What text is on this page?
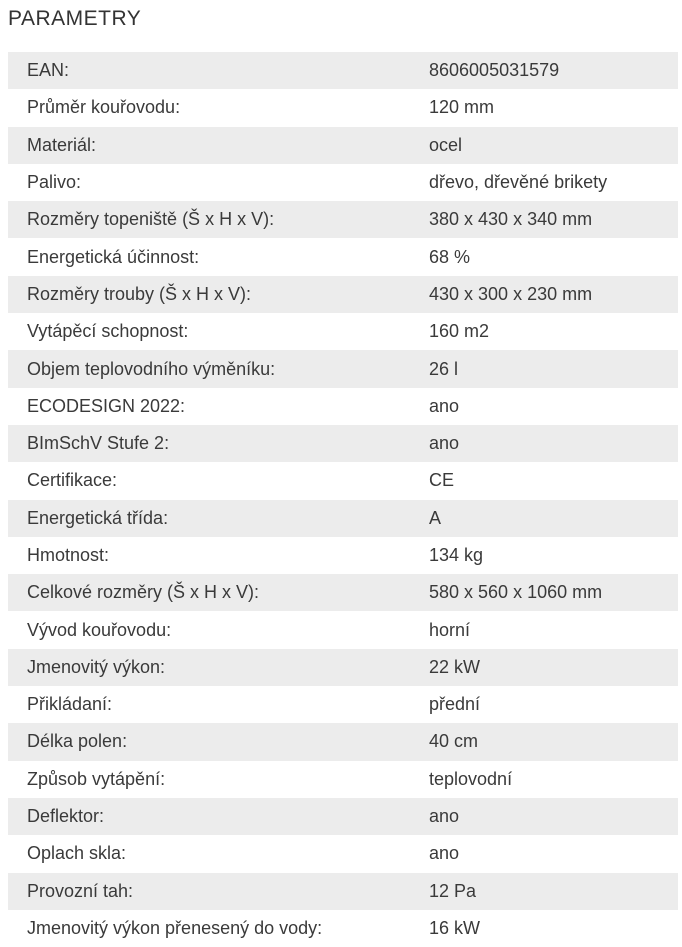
PARAMETRY
EAN:	8606005031579
Průměr kouřovodu:	120 mm
Materiál:	ocel
Palivo:	dřevo, dřevěné brikety
Rozměry topeniště (Š x H x V):	380 x 430 x 340 mm
Energetická účinnost:	68 %
Rozměry trouby (Š x H x V):	430 x 300 x 230 mm
Vytápěcí schopnost:	160 m2
Objem teplovodního výměníku:	26 l
ECODESIGN 2022:	ano
BImSchV Stufe 2:	ano
Certifikace:	CE
Energetická třída:	A
Hmotnost:	134 kg
Celkové rozměry (Š x H x V):	580 x 560 x 1060 mm
Vývod kouřovodu:	horní
Jmenovitý výkon:	22 kW
Přikládaní:	přední
Délka polen:	40 cm
Způsob vytápění:	teplovodní
Deflektor:	ano
Oplach skla:	ano
Provozní tah:	12 Pa
Jmenovitý výkon přenesený do vody:	16 kW
